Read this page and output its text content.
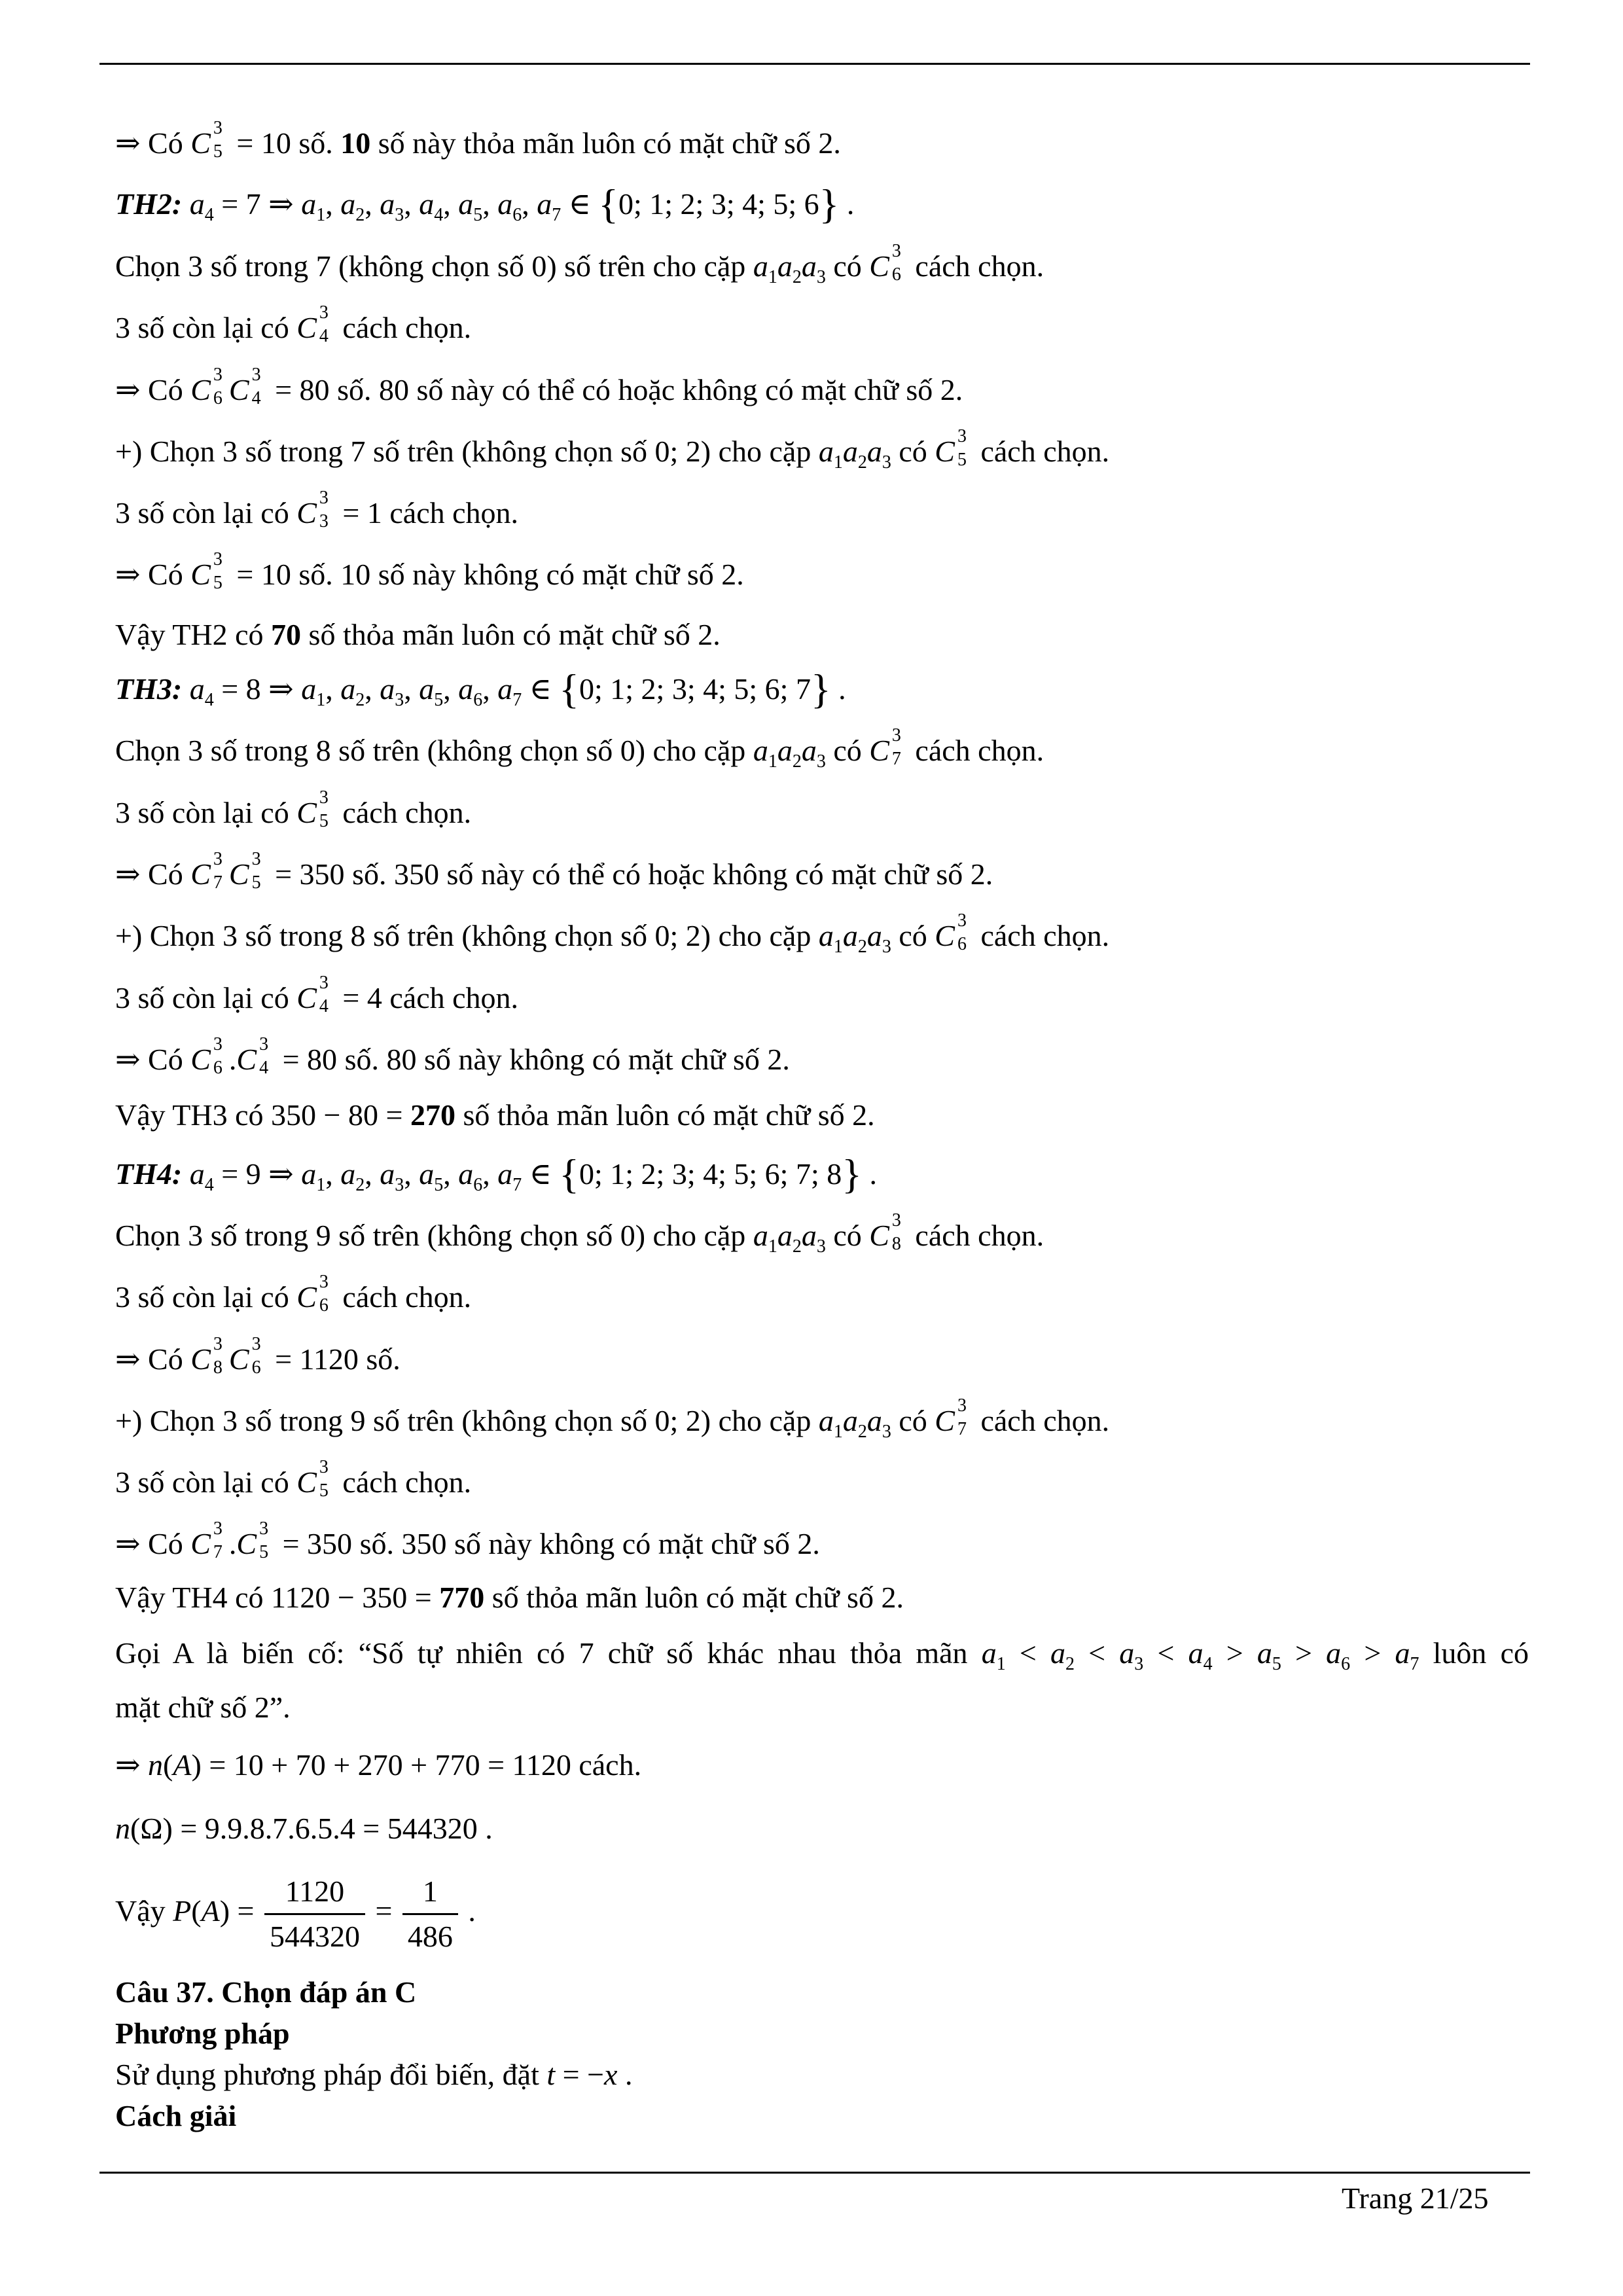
⇒ Có C 3
5 = 10 số. 10 số này thỏa mãn luôn có mặt chữ số 2.
TH2: $a_4 = 7$ ⇒ $a_1$, $a_2$, $a_3$, $a_4$, $a_5$, $a_6$, $a_7$ ∈ {0; 1; 2; 3; 4; 5; 6} .
Chọn 3 số trong 7 (không chọn số 0) số trên cho cặp $a_1a_2a_3$ có C 3
6 cách chọn.
3 số còn lại có C 3
4 cách chọn.
⇒ Có C 3
6 C 3
4 = 80 số. 80 số này có thể có hoặc không có mặt chữ số 2.
+) Chọn 3 số trong 7 số trên (không chọn số 0; 2) cho cặp $a_1a_2a_3$ có C 3
5 cách chọn.
3 số còn lại có C 3
3 = 1 cách chọn.
⇒ Có C 3
5 = 10 số. 10 số này không có mặt chữ số 2.
Vậy TH2 có 70 số thỏa mãn luôn có mặt chữ số 2.
TH3: $a_4 = 8$ ⇒ $a_1$, $a_2$, $a_3$, $a_5$, $a_6$, $a_7$ ∈ {0; 1; 2; 3; 4; 5; 6; 7} .
Chọn 3 số trong 8 số trên (không chọn số 0) cho cặp $a_1a_2a_3$ có C 3
7 cách chọn.
3 số còn lại có C 3
5 cách chọn.
⇒ Có C 3
7 C 3
5 = 350 số. 350 số này có thể có hoặc không có mặt chữ số 2.
+) Chọn 3 số trong 8 số trên (không chọn số 0; 2) cho cặp $a_1a_2a_3$ có C 3
6 cách chọn.
3 số còn lại có C 3
4 = 4 cách chọn.
⇒ Có C 3
6 .C 3
4 = 80 số. 80 số này không có mặt chữ số 2.
Vậy TH3 có 350 − 80 = 270 số thỏa mãn luôn có mặt chữ số 2.
TH4: $a_4 = 9$ ⇒ $a_1$, $a_2$, $a_3$, $a_5$, $a_6$, $a_7$ ∈ {0; 1; 2; 3; 4; 5; 6; 7; 8} .
Chọn 3 số trong 9 số trên (không chọn số 0) cho cặp $a_1a_2a_3$ có C 3
8 cách chọn.
3 số còn lại có C 3
6 cách chọn.
⇒ Có C 3
8 C 3
6 = 1120 số.
+) Chọn 3 số trong 9 số trên (không chọn số 0; 2) cho cặp $a_1a_2a_3$ có C 3
7 cách chọn.
3 số còn lại có C 3
5 cách chọn.
⇒ Có C 3
7 .C 3
5 = 350 số. 350 số này không có mặt chữ số 2.
Vậy TH4 có 1120 − 350 = 770 số thỏa mãn luôn có mặt chữ số 2.
Gọi A là biến cố: “Số tự nhiên có 7 chữ số khác nhau thỏa mãn $a_1 < a_2 < a_3 < a_4 > a_5 > a_6 > a_7$ luôn có
mặt chữ số 2”.
⇒ n(A) = 10 + 70 + 270 + 770 = 1120 cách.
n(Ω) = 9.9.8.7.6.5.4 = 544320 .
Vậy $P(A) = \frac{1120}{544320} = \frac{1}{486}$ .
Câu 37. Chọn đáp án C
Phương pháp
Sử dụng phương pháp đổi biến, đặt t = −x .
Cách giải
Trang 21/25
